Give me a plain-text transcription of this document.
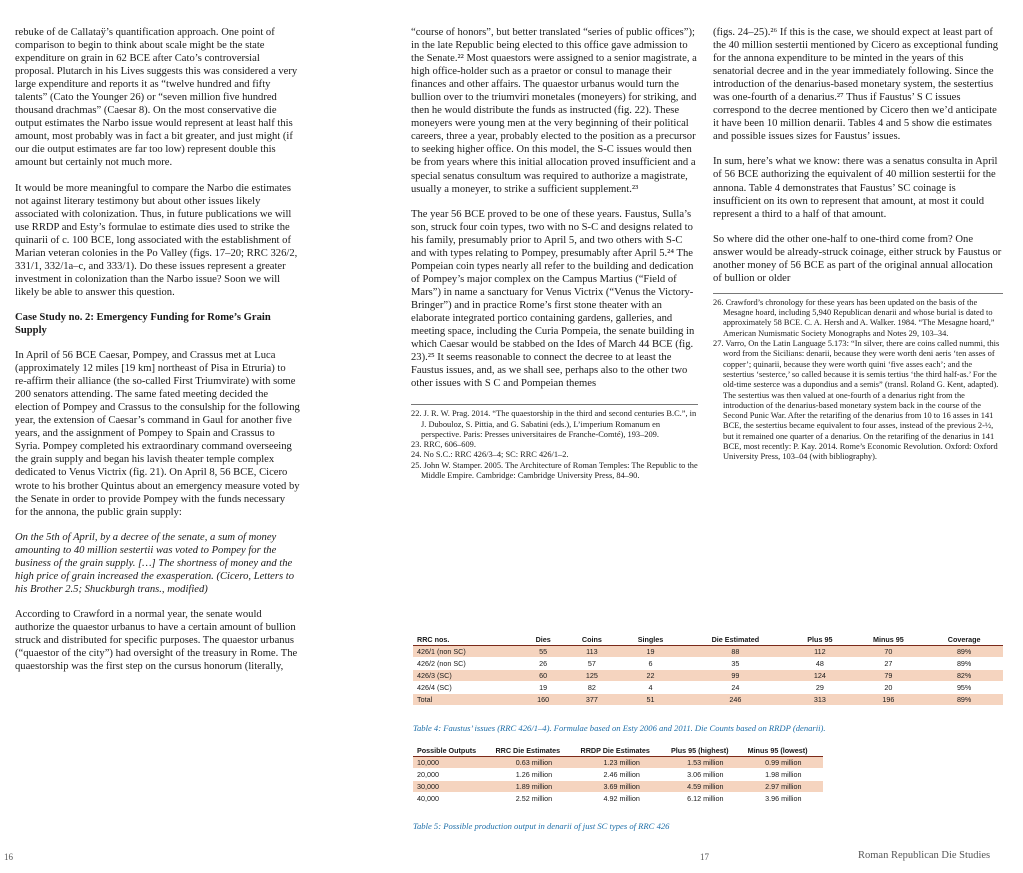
rebuke of de Callataÿ’s quantification approach. One point of comparison to begin to think about scale might be the state expenditure on grain in 62 BCE after Cato’s controversial proposal. Plutarch in his Lives suggests this was considered a very large expenditure and reports it as “twelve hundred and fifty talents” (Cato the Younger 26) or “seven million five hundred thousand drachmas” (Caesar 8). On the most conservative die output estimates the Narbo issue would represent at least half this amount, most probably was in fact a bit greater, and just might (if our die output estimates are far too low) represent double this amount but certainly not much more.

It would be more meaningful to compare the Narbo die estimates not against literary testimony but about other issues likely associated with colonization. Thus, in future publications we will use RRDP and Esty’s formulae to estimate dies used to strike the quinarii of c. 100 BCE, long associated with the establishment of Marian veteran colonies in the Po Valley (figs. 17–20; RRC 326/2, 331/1, 332/1a–c, and 333/1). Do these issues represent a greater investment in colonization than the Narbo issue? Soon we will likely be able to answer this question.

Case Study no. 2: Emergency Funding for Rome’s Grain Supply

In April of 56 BCE Caesar, Pompey, and Crassus met at Luca (approximately 12 miles [19 km] northeast of Pisa in Etruria) to re-affirm their alliance (the so-called First Triumvirate) with some 200 senators attending. The same fated meeting decided the election of Pompey and Crassus to the consulship for the following year, the extension of Caesar’s command in Gaul for another five years, and the assignment of Pompey to Spain and Crassus to Syria. Pompey completed his extraordinary command overseeing the grain supply and began his lavish theater temple complex dedicated to Venus Victrix (fig. 21). On April 8, 56 BCE, Cicero wrote to his brother Quintus about an emergency measure voted by the Senate in order to provide Pompey with the funds necessary for the annona, the public grain supply:

On the 5th of April, by a decree of the senate, a sum of money amounting to 40 million sestertii was voted to Pompey for the business of the grain supply. […] The shortness of money and the high price of grain increased the exasperation. (Cicero, Letters to his Brother 2.5; Shuckburgh trans., modified)

According to Crawford in a normal year, the senate would authorize the quaestor urbanus to have a certain amount of bullion struck and distributed for specific purposes. The quaestor urbanus (“quaestor of the city”) had oversight of the treasury in Rome. The quaestorship was the first step on the cursus honorum (literally,

“course of honors”, but better translated “series of public offices”); in the late Republic being elected to this office gave admission to the Senate.²² Most quaestors were assigned to a senior magistrate, a high office-holder such as a praetor or consul to manage their finances and other affairs. The quaestor urbanus would turn the bullion over to the triumviri monetales (moneyers) for striking, and then he would distribute the funds as instructed (fig. 22). These moneyers were young men at the very beginning of their political careers, three a year, probably elected to the position as a precursor to seeking higher office. On this model, the S-C issues would then be from years where this initial allocation proved insufficient and a special senatus consultum was required to authorize a magistrate, usually a moneyer, to strike a sufficient supplement.²³

The year 56 BCE proved to be one of these years. Faustus, Sulla’s son, struck four coin types, two with no S-C and designs related to his family, presumably prior to April 5, and two others with S-C and with types relating to Pompey, presumably after April 5.²⁴ The Pompeian coin types nearly all refer to the building and dedication of Pompey’s major complex on the Campus Martius (“Field of Mars”) in name a sanctuary for Venus Victrix (“Venus the Victory-Bringer”) and in practice Rome’s first stone theater with an elaborate integrated portico containing gardens, galleries, and meeting space, including the Curia Pompeia, the senate building in which Caesar would be stabbed on the Ides of March 44 BCE (fig. 23).²⁵ It seems reasonable to connect the decree to at least the Faustus issues, and, as we shall see, perhaps also to the other two other issues with S C and Pompeian themes

22. J. R. W. Prag. 2014. “The quaestorship in the third and second centuries B.C.”, in J. Dubouloz, S. Pittia, and G. Sabatini (eds.), L’imperium Romanum en perspective. Paris: Presses universitaires de Franche-Comté), 193–209.

23. RRC, 606–609.

24. No S.C.: RRC 426/3–4; SC: RRC 426/1–2.

25. John W. Stamper. 2005. The Architecture of Roman Temples: The Republic to the Middle Empire. Cambridge: Cambridge University Press, 84–90.

(figs. 24–25).²⁶ If this is the case, we should expect at least part of the 40 million sestertii mentioned by Cicero as exceptional funding for the annona expenditure to be minted in the years of this senatorial decree and in the year immediately following. Since the introduction of the denarius-based monetary system, the sestertius was one-fourth of a denarius.²⁷ Thus if Faustus’ S C issues correspond to the decree mentioned by Cicero then we’d anticipate it have been 10 million denarii. Tables 4 and 5 show die estimates and possible issues sizes for Faustus’ issues.

In sum, here’s what we know: there was a senatus consulta in April of 56 BCE authorizing the equivalent of 40 million sestertii for the annona. Table 4 demonstrates that Faustus’ SC coinage is insufficient on its own to represent that amount, at most it could represent a third to a half of that amount.

So where did the other one-half to one-third come from? One answer would be already-struck coinage, either struck by Faustus or another money of 56 BCE as part of the original annual allocation of bullion or older

26. Crawford’s chronology for these years has been updated on the basis of the Mesagne hoard, including 5,940 Republican denarii and whose burial is dated to approximately 58 BCE. C. A. Hersh and A. Walker. 1984. “The Mesagne hoard,” American Numismatic Society Monographs and Notes 29, 103–34.

27. Varro, On the Latin Language 5.173: “In silver, there are coins called nummi, this word from the Sicilians: denarii, because they were worth deni aeris ‘ten asses of copper’; quinarii, because they were worth quini ‘five asses each’; and the sestertius ‘sesterce,’ so called because it is semis tertius ‘the third half-as.’ For the old-time sesterce was a dupondius and a semis” (transl. Roland G. Kent, adapted). The sestertius was then valued at one-fourth of a denarius right from the introduction of the denarius-based monetary system back in the course of the Second Punic War. After the retarifing of the denarius from 10 to 16 asses in 141 BCE, the sestertius became equivalent to four asses, instead of the previous 2-½, but it remained one quarter of a denarius. On the retarifing of the denarius in 141 BCE, most recently: P. Kay. 2014. Rome’s Economic Revolution. Oxford: Oxford University Press, 103–04 (with bibliography).

RRC nos.	Dies	Coins	Singles	Die Estimated	Plus 95	Minus 95	Coverage
426/1 (non SC)	55	113	19	88	112	70	89%
426/2 (non SC)	26	57	6	35	48	27	89%
426/3 (SC)	60	125	22	99	124	79	82%
426/4 (SC)	19	82	4	24	29	20	95%
Total	160	377	51	246	313	196	89%
Table 4: Faustus’ issues (RRC 426/1–4). Formulae based on Esty 2006 and 2011. Die Counts based on RRDP (denarii).
Possible Outputs	RRC Die Estimates	RRDP Die Estimates	Plus 95 (highest)	Minus 95 (lowest)
10,000	0.63 million	1.23 million	1.53 million	0.99 million
20,000	1.26 million	2.46 million	3.06 million	1.98 million
30,000	1.89 million	3.69 million	4.59 million	2.97 million
40,000	2.52 million	4.92 million	6.12 million	3.96 million
Table 5: Possible production output in denarii of just SC types of RRC 426
16	17	Roman Republican Die Studies
